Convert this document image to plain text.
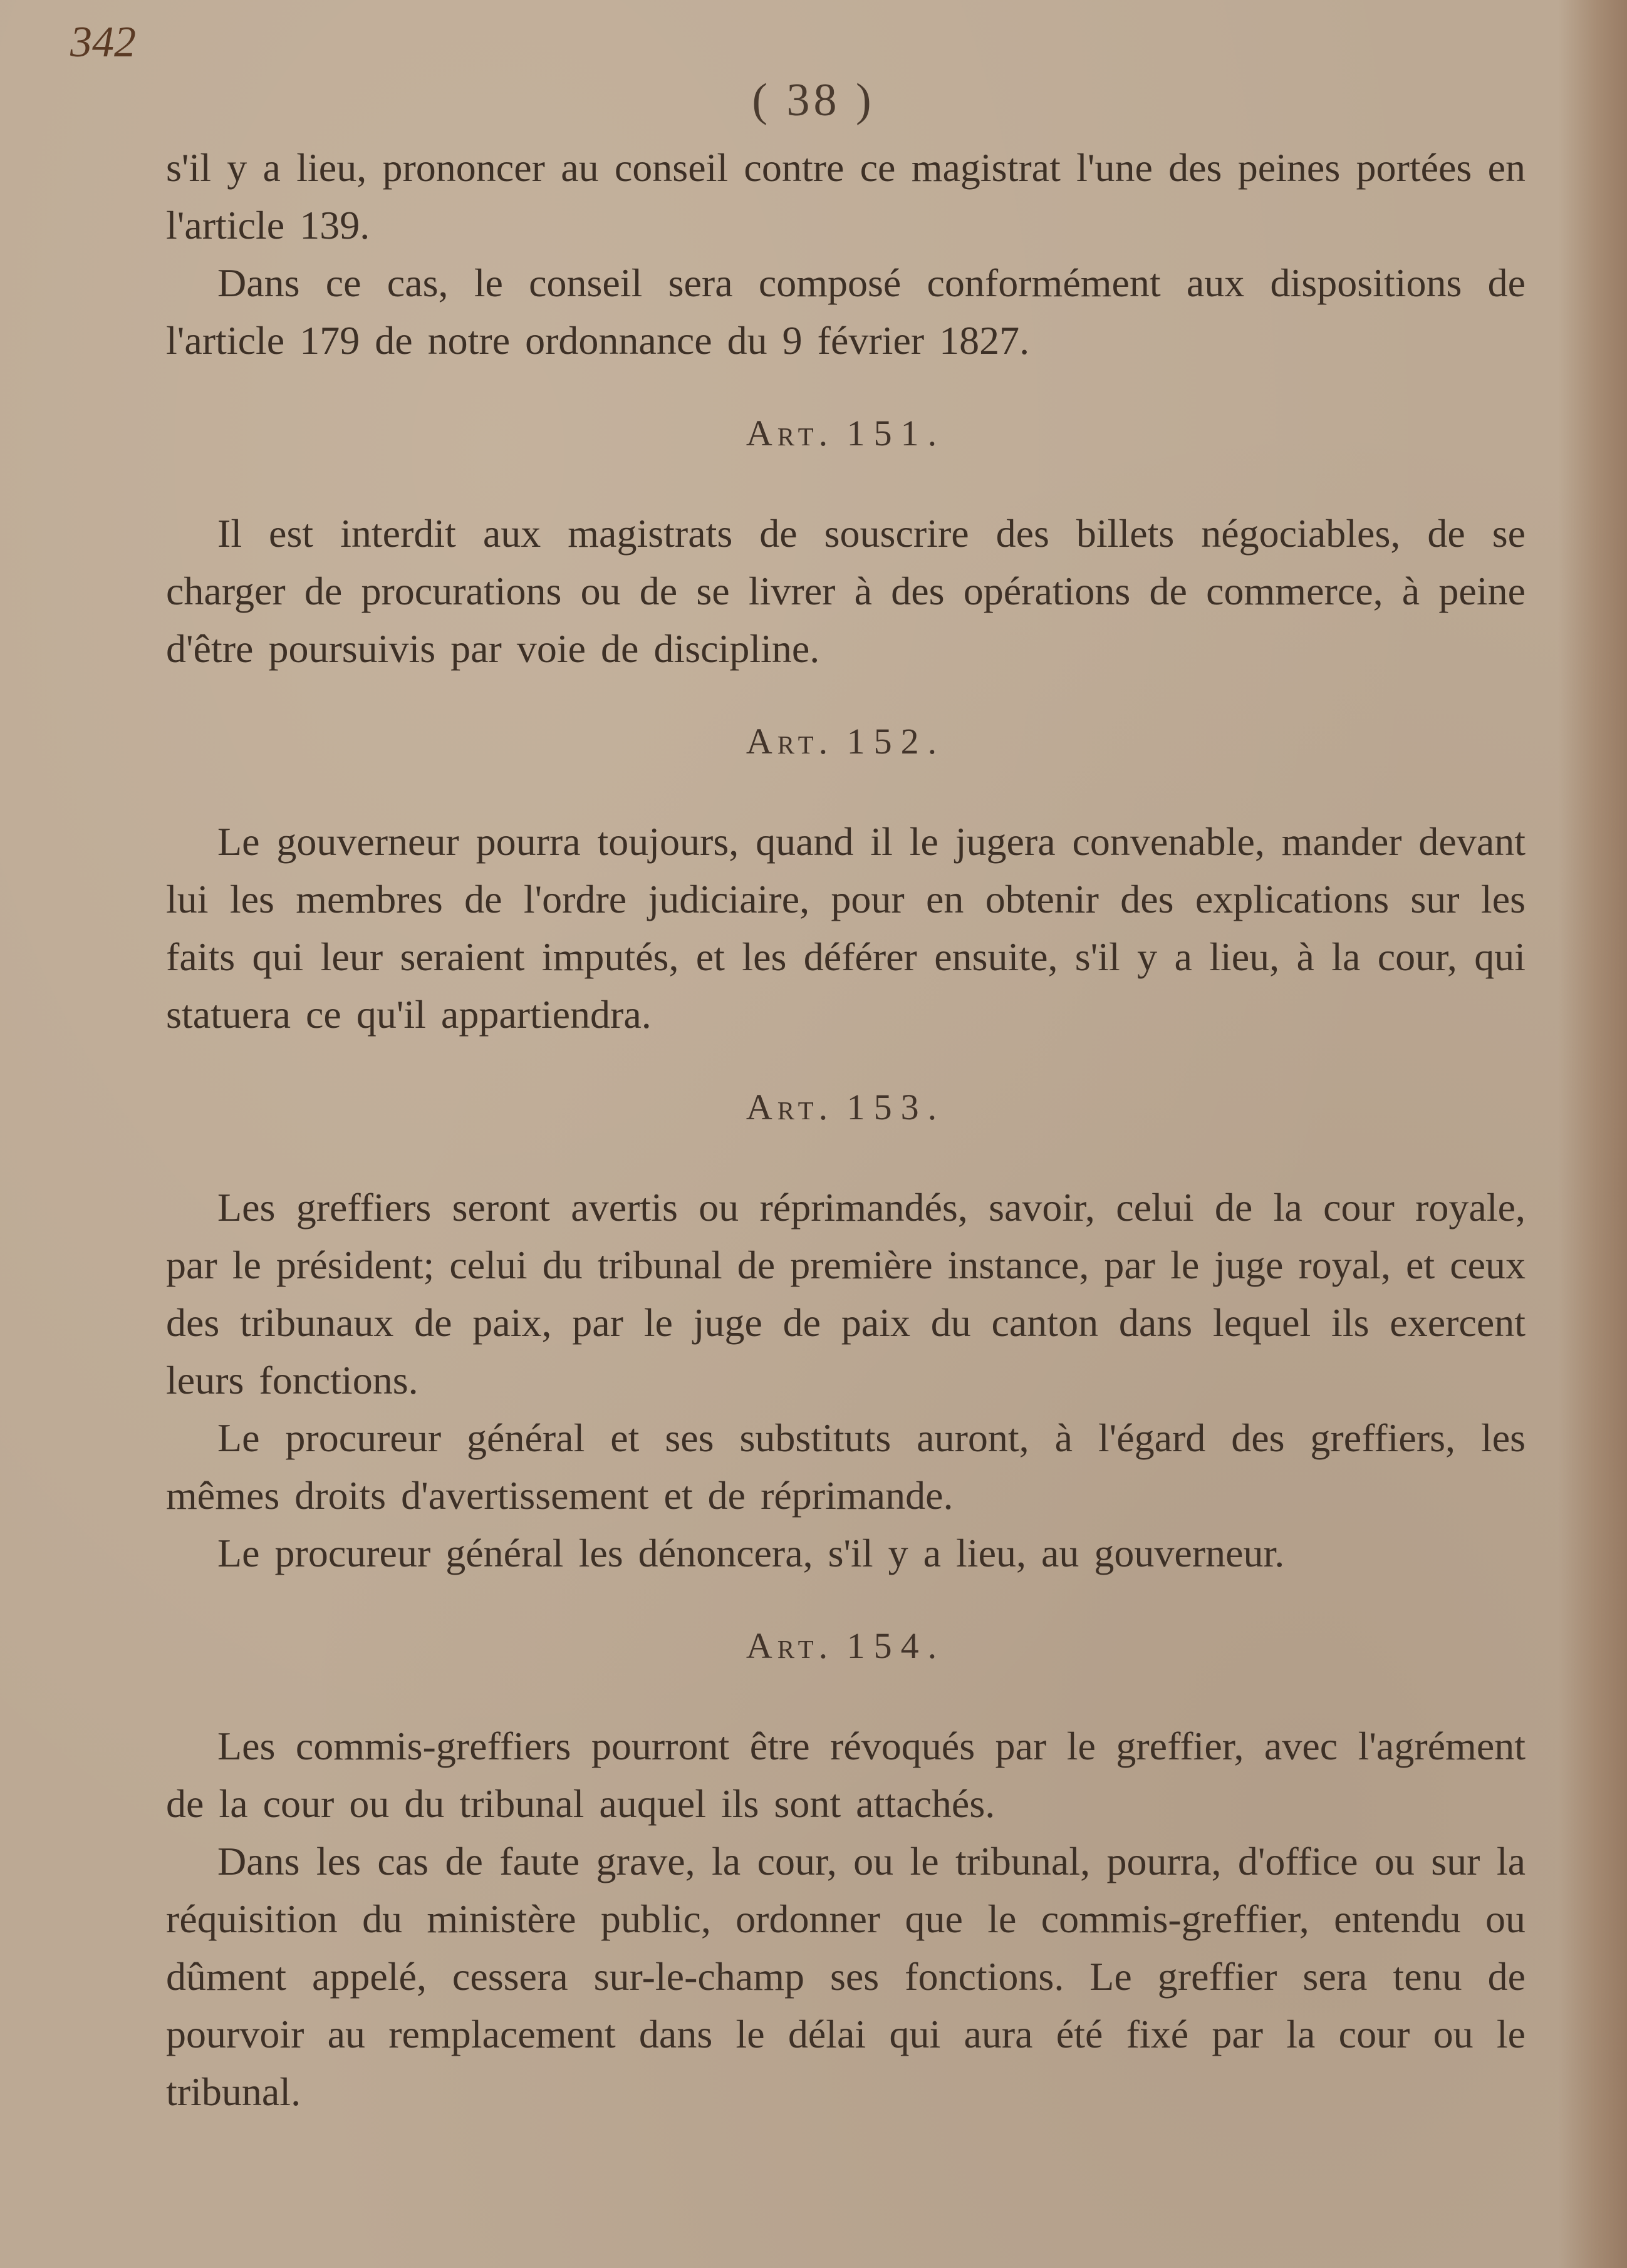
342
( 38 )

s'il y a lieu, prononcer au conseil contre ce magistrat l'une des peines portées en l'article 139.

Dans ce cas, le conseil sera composé conformément aux dispositions de l'article 179 de notre ordonnance du 9 février 1827.

Art. 151.

Il est interdit aux magistrats de souscrire des billets négociables, de se charger de procurations ou de se livrer à des opérations de commerce, à peine d'être poursuivis par voie de discipline.

Art. 152.

Le gouverneur pourra toujours, quand il le jugera convenable, mander devant lui les membres de l'ordre judiciaire, pour en obtenir des explications sur les faits qui leur seraient imputés, et les déférer ensuite, s'il y a lieu, à la cour, qui statuera ce qu'il appartiendra.

Art. 153.

Les greffiers seront avertis ou réprimandés, savoir, celui de la cour royale, par le président; celui du tribunal de première instance, par le juge royal, et ceux des tribunaux de paix, par le juge de paix du canton dans lequel ils exercent leurs fonctions.

Le procureur général et ses substituts auront, à l'égard des greffiers, les mêmes droits d'avertissement et de réprimande.

Le procureur général les dénoncera, s'il y a lieu, au gouverneur.

Art. 154.

Les commis-greffiers pourront être révoqués par le greffier, avec l'agrément de la cour ou du tribunal auquel ils sont attachés.

Dans les cas de faute grave, la cour, ou le tribunal, pourra, d'office ou sur la réquisition du ministère public, ordonner que le commis-greffier, entendu ou dûment appelé, cessera sur-le-champ ses fonctions. Le greffier sera tenu de pourvoir au remplacement dans le délai qui aura été fixé par la cour ou le tribunal.
